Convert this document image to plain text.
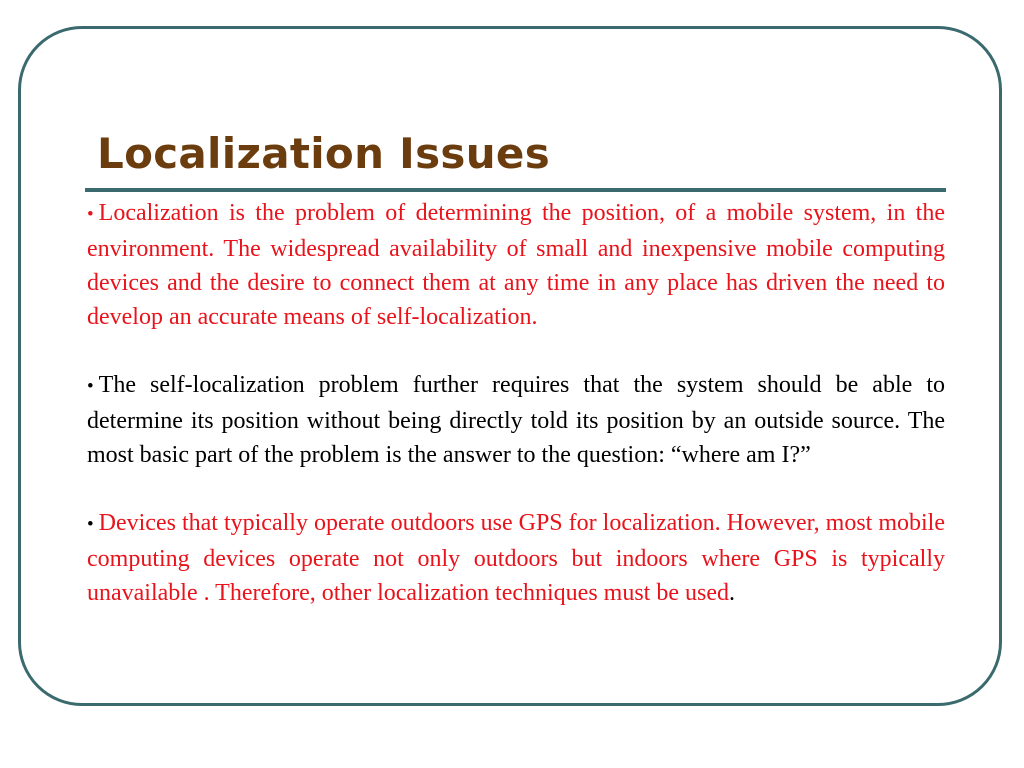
Localization Issues

• Localization is the problem of determining the position, of a mobile system, in the environment. The widespread availability of small and inexpensive mobile computing devices and the desire to connect them at any time in any place has driven the need to develop an accurate means of self-localization.

• The self-localization problem further requires that the system should be able to determine its position without being directly told its position by an outside source. The most basic part of the problem is the answer to the question: “where am I?”

• Devices that typically operate outdoors use GPS for localization. However, most mobile computing devices operate not only outdoors but indoors where GPS is typically unavailable . Therefore, other localization techniques must be used.
